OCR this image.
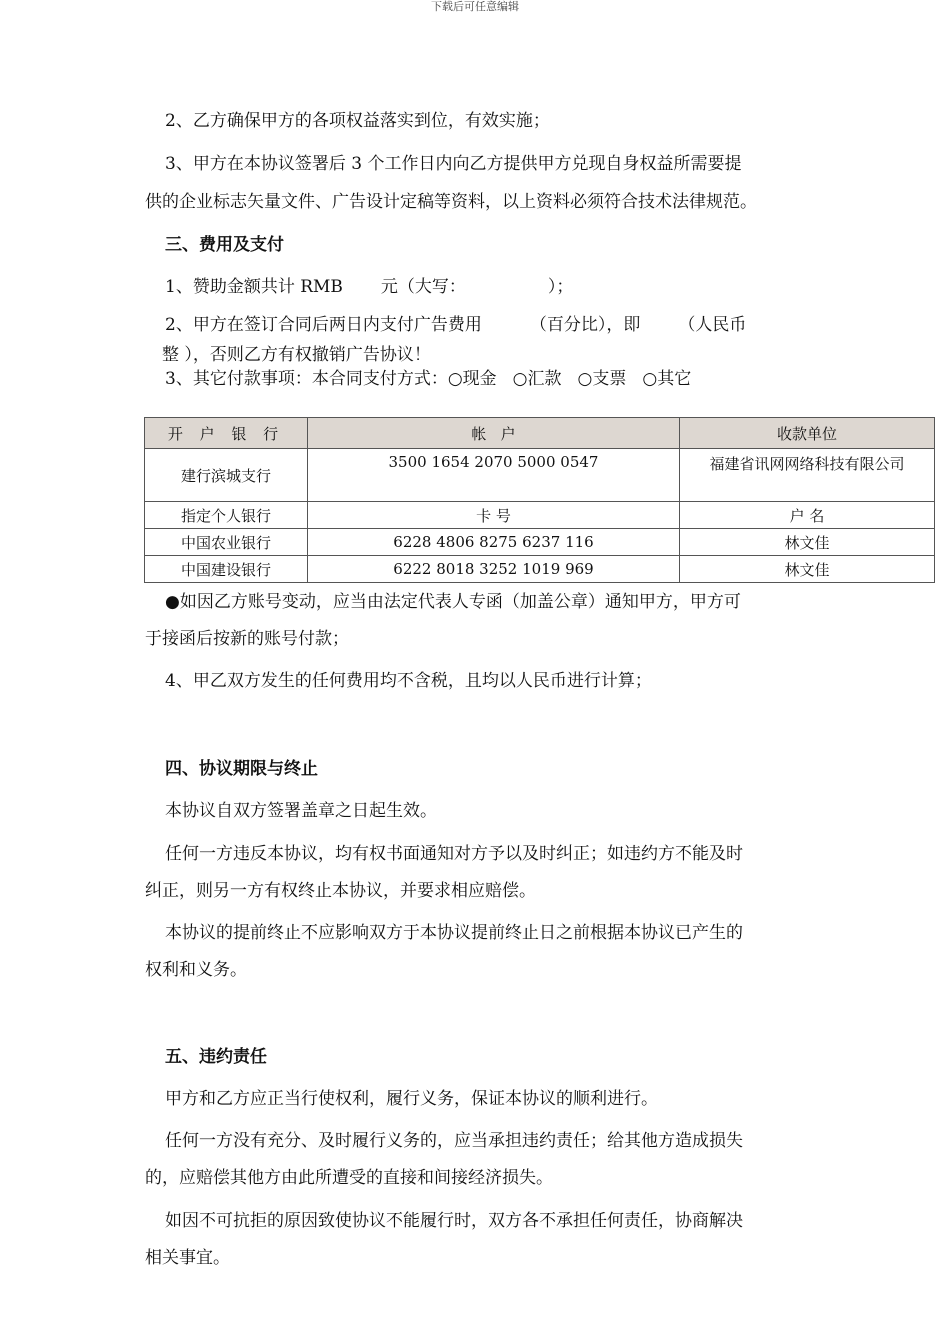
下载后可任意编辑
2、乙方确保甲方的各项权益落实到位，有效实施；
3、甲方在本协议签署后 3 个工作日内向乙方提供甲方兑现自身权益所需要提
供的企业标志矢量文件、广告设计定稿等资料，以上资料必须符合技术法律规范。
三、费用及支付
1、赞助金额共计 RMB 元（大写：	）；
2、甲方在签订合同后两日内支付广告费用	（百分比），即 （人民币
整 ），否则乙方有权撤销广告协议！
3、其它付款事项：本合同支付方式：○现金 ○汇款 ○支票 ○其它
开 户 银 行	帐   户	收款单位
建行滨城支行	3500 1654 2070 5000 0547	福建省讯网网络科技有限公司
指定个人银行	卡 号	户 名
中国农业银行	6228 4806 8275 6237 116	林文佳
中国建设银行	6222 8018 3252 1019 969	林文佳
●如因乙方账号变动，应当由法定代表人专函（加盖公章）通知甲方，甲方可
于接函后按新的账号付款；
4、甲乙双方发生的任何费用均不含税，且均以人民币进行计算；
四、协议期限与终止
本协议自双方签署盖章之日起生效。
任何一方违反本协议，均有权书面通知对方予以及时纠正；如违约方不能及时
纠正，则另一方有权终止本协议，并要求相应赔偿。
本协议的提前终止不应影响双方于本协议提前终止日之前根据本协议已产生的
权利和义务。
五、违约责任
甲方和乙方应正当行使权利，履行义务，保证本协议的顺利进行。
任何一方没有充分、及时履行义务的，应当承担违约责任；给其他方造成损失
的，应赔偿其他方由此所遭受的直接和间接经济损失。
如因不可抗拒的原因致使协议不能履行时，双方各不承担任何责任，协商解决
相关事宜。
